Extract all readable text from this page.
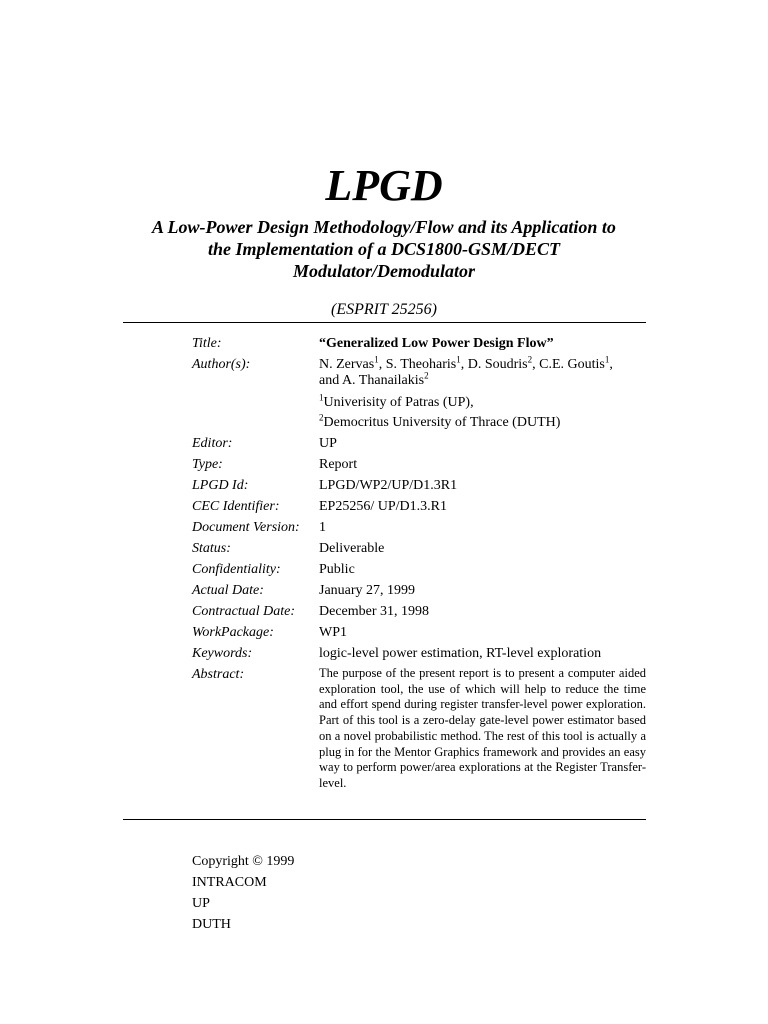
LPGD
A Low-Power Design Methodology/Flow and its Application to
the Implementation of a DCS1800-GSM/DECT
Modulator/Demodulator
(ESPRIT 25256)
Title:	“Generalized Low Power Design Flow”
Author(s):	N. Zervas$^1$, S. Theoharis$^1$, D. Soudris$^2$, C.E. Goutis$^1$,
and A. Thanailakis$^2$
$^1$Univerisity of Patras (UP),
$^2$Democritus University of Thrace (DUTH)
Editor:	UP
Type:	Report
LPGD Id:	LPGD/WP2/UP/D1.3R1
CEC Identifier:	EP25256/ UP/D1.3.R1
Document Version:	1
Status:	Deliverable
Confidentiality:	Public
Actual Date:	January 27, 1999
Contractual Date:	December 31, 1998
WorkPackage:	WP1
Keywords:	logic-level power estimation, RT-level exploration
Abstract:	The purpose of the present report is to present a computer aided exploration tool, the use of which will help to reduce the time and effort spend during register transfer-level power exploration. Part of this tool is a zero-delay gate-level power estimator based on a novel probabilistic method. The rest of this tool is actually a plug in for the Mentor Graphics framework and provides an easy way to perform power/area explorations at the Register Transfer-level.
Copyright © 1999
INTRACOM
UP
DUTH
